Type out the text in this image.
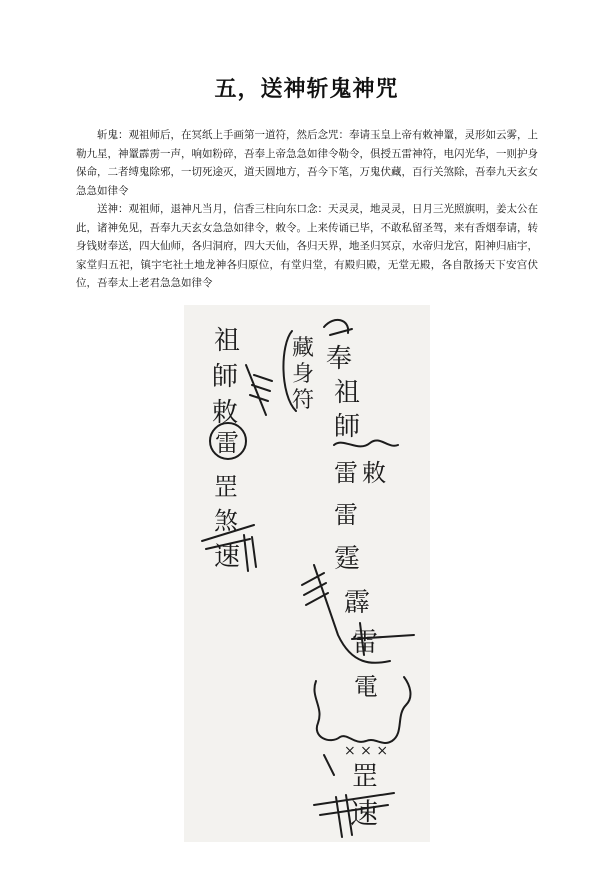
五，送神斩鬼神咒

斩鬼：观祖师后，在冥纸上手画第一道符，然后念咒：奉请玉皇上帝有敕神罿，灵形如云雾，上勒九星，神罿霹雳一声，响如粉碎，吾奉上帝急急如律令勒令，俱授五雷神符，电闪光华，一则护身保命，二者缚鬼除邪，一切死途灭，道天圆地方，吾今下笔，万鬼伏藏，百行关煞除，吾奉九天玄女急急如律令

送神：观祖师，退神凡当月，信香三柱向东口念：天灵灵，地灵灵，日月三光照旗明，姜太公在此，诸神免见，吾奉九天玄女急急如律令，敕令。上来传诵已毕，不敢私留圣驾，来有香烟奉请，转身钱财奉送，四大仙师，各归洞府，四大天仙，各归天界，地圣归冥京，水帝归龙宫，阳神归庙宇，家堂归五祀，镇宇宅社土地龙神各归原位，有堂归堂，有殿归殿，无堂无殿，各自散扬天下安宫伏位，吾奉太上老君急急如律令

祖
師
敕
雷
罡
煞
速
藏
身
符
奉
祖
師
雷 敕
雷
霆
霹
雷
電
× × ×
罡
速
